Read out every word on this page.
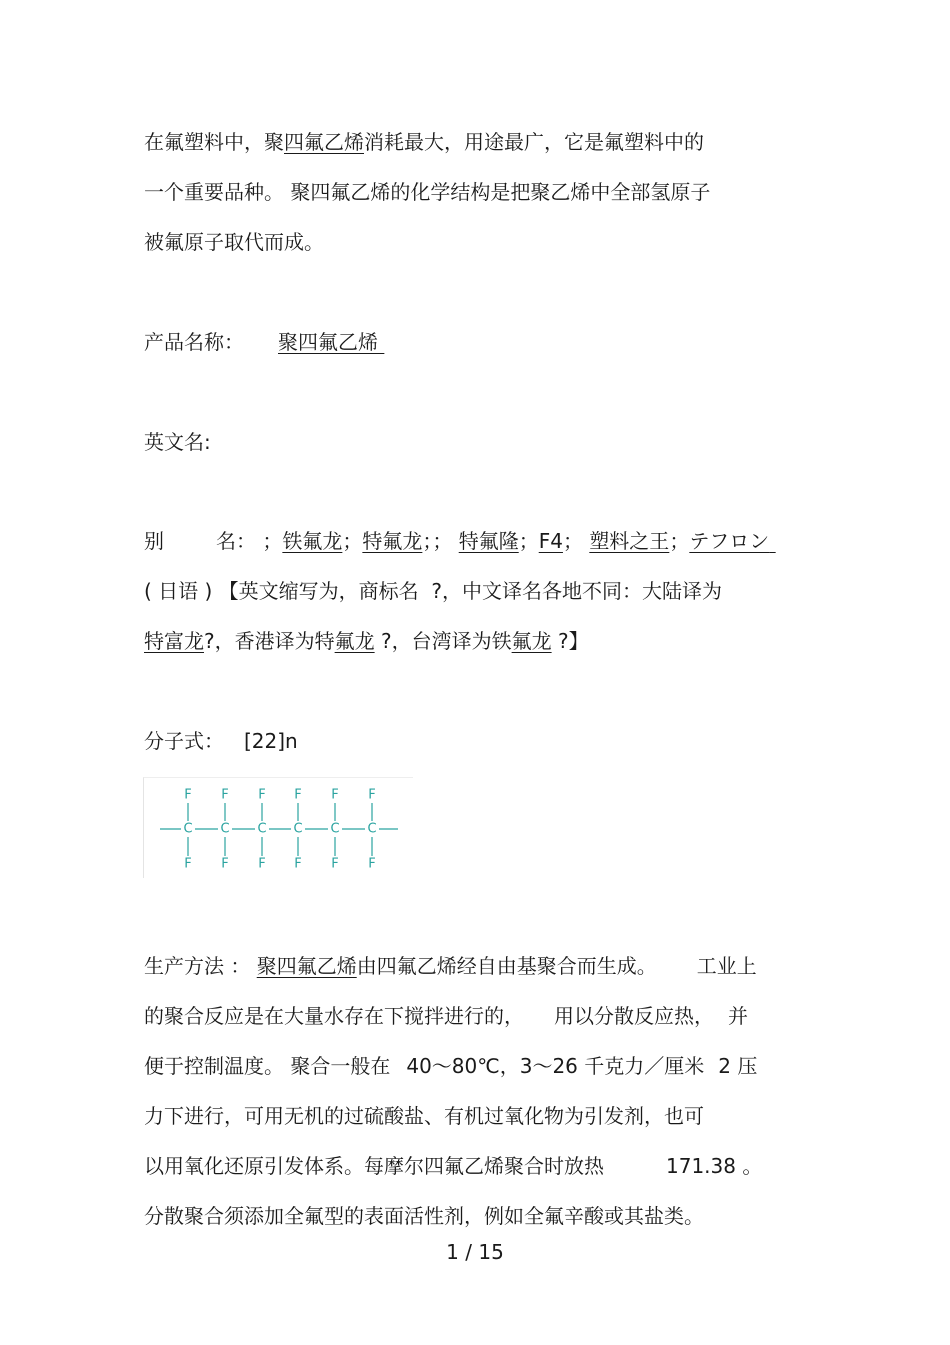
在氟塑料中，聚四氟乙烯消耗最大，用途最广，它是氟塑料中的
一个重要品种。 聚四氟乙烯的化学结构是把聚乙烯中全部氢原子
被氟原子取代而成。
产品名称： 聚四氟乙烯
英文名:
别	名： ；铁氟龙；特氟龙；； 特氟隆；F4； 塑料之王；テフロン
( 日语 ) 【英文缩写为，商标名  ?，中文译名各地不同：大陆译为
特富龙?，香港译为特氟龙 ?，台湾译为铁氟龙 ?】
分子式： [22]n
F
C
F
F
C
F
F
C
F
F
C
F
F
C
F
F
C
F
生产方法 ： 聚四氟乙烯由四氟乙烯经自由基聚合而生成。 工业上
的聚合反应是在大量水存在下搅拌进行的， 用以分散反应热， 并
便于控制温度。 聚合一般在 40～80℃，3～26 千克力／厘米 2 压
力下进行，可用无机的过硫酸盐、有机过氧化物为引发剂，也可
以用氧化还原引发体系。每摩尔四氟乙烯聚合时放热	171.38 。
分散聚合须添加全氟型的表面活性剂，例如全氟辛酸或其盐类。
1 / 15
